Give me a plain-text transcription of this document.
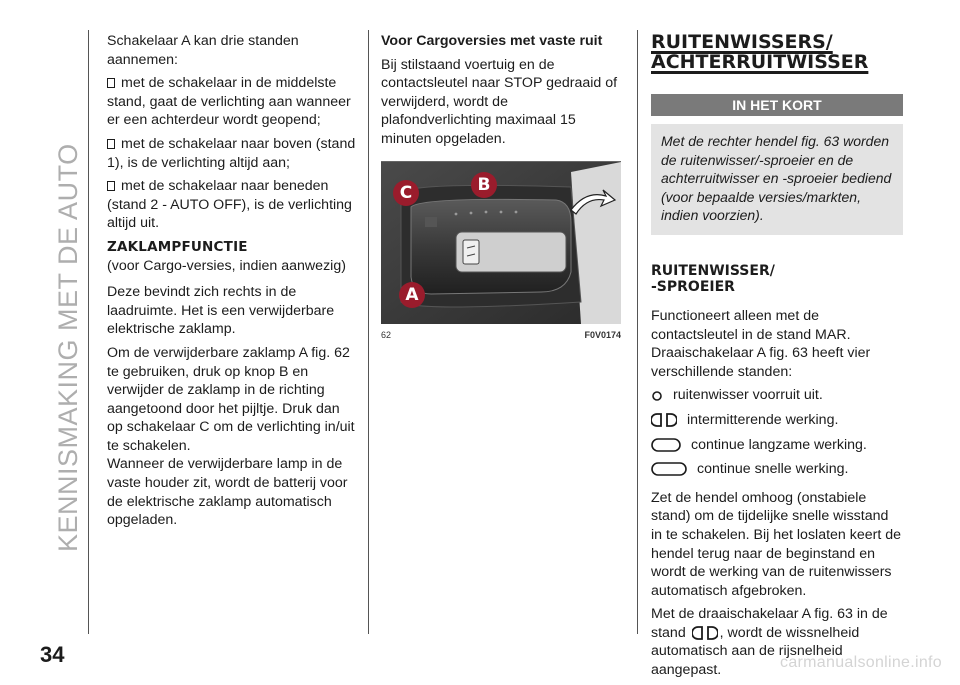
KENNISMAKING MET DE AUTO

Schakelaar A kan drie standen aannemen:

met de schakelaar in de middelste stand, gaat de verlichting aan wanneer er een achterdeur wordt geopend;

met de schakelaar naar boven (stand 1), is de verlichting altijd aan;

met de schakelaar naar beneden (stand 2 - AUTO OFF), is de verlichting altijd uit.

ZAKLAMPFUNCTIE

(voor Cargo-versies, indien aanwezig)

Deze bevindt zich rechts in de laadruimte. Het is een verwijderbare elektrische zaklamp.

Om de verwijderbare zaklamp A fig. 62 te gebruiken, druk op knop B en verwijder de zaklamp in de richting aangetoond door het pijltje. Druk dan op schakelaar C om de verlichting in/uit te schakelen.

Wanneer de verwijderbare lamp in de vaste houder zit, wordt de batterij voor de elektrische zaklamp automatisch opgeladen.

Voor Cargoversies met vaste ruit

Bij stilstaand voertuig en de contactsleutel naar STOP gedraaid of verwijderd, wordt de plafondverlichting maximaal 15 minuten opgeladen.

C	B
A
62	F0V0174
RUITENWISSERS/
ACHTERRUITWISSER
IN HET KORT
Met de rechter hendel fig. 63 worden de ruitenwisser/-sproeier en de achterruitwisser en -sproeier bediend (voor bepaalde versies/markten, indien voorzien).
RUITENWISSER/
-SPROEIER

Functioneert alleen met de contactsleutel in de stand MAR. Draaischakelaar A fig. 63 heeft vier verschillende standen:

ruitenwisser voorruit uit.
intermitterende werking.
continue langzame werking.
continue snelle werking.

Zet de hendel omhoog (onstabiele stand) om de tijdelijke snelle wisstand in te schakelen. Bij het loslaten keert de hendel terug naar de beginstand en wordt de werking van de ruitenwissers automatisch afgebroken.

Met de draaischakelaar A fig. 63 in de stand , wordt de wissnelheid automatisch aan de rijsnelheid aangepast.

34	carmanualsonline.info
